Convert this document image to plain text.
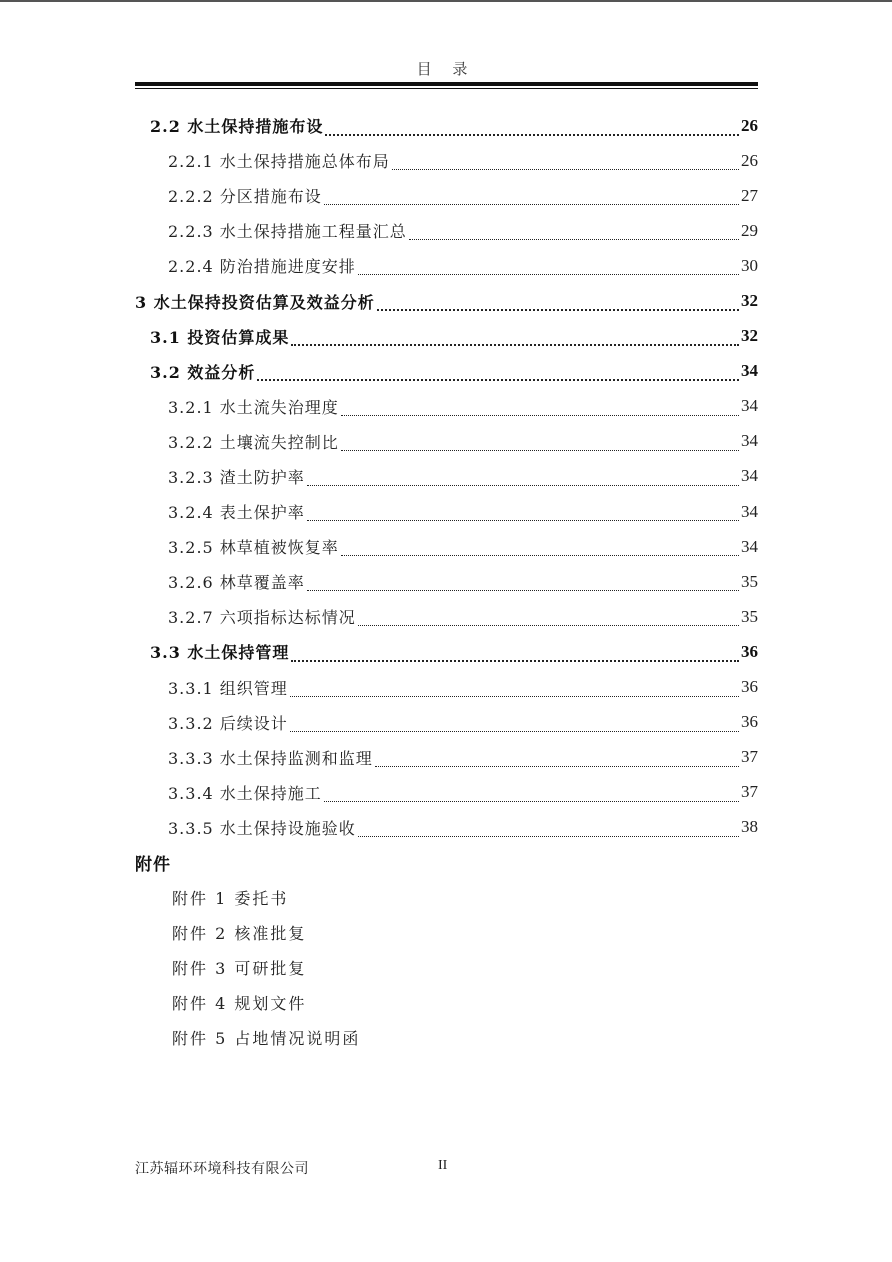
目 录
2.2 水土保持措施布设	26
2.2.1 水土保持措施总体布局	26
2.2.2 分区措施布设	27
2.2.3 水土保持措施工程量汇总	29
2.2.4 防治措施进度安排	30
3 水土保持投资估算及效益分析	32
3.1 投资估算成果	32
3.2 效益分析	34
3.2.1 水土流失治理度	34
3.2.2 土壤流失控制比	34
3.2.3 渣土防护率	34
3.2.4 表土保护率	34
3.2.5 林草植被恢复率	34
3.2.6 林草覆盖率	35
3.2.7 六项指标达标情况	35
3.3 水土保持管理	36
3.3.1 组织管理	36
3.3.2 后续设计	36
3.3.3 水土保持监测和监理	37
3.3.4 水土保持施工	37
3.3.5 水土保持设施验收	38
附件
附件 1 委托书
附件 2 核准批复
附件 3 可研批复
附件 4 规划文件
附件 5 占地情况说明函
江苏辐环环境科技有限公司	II
